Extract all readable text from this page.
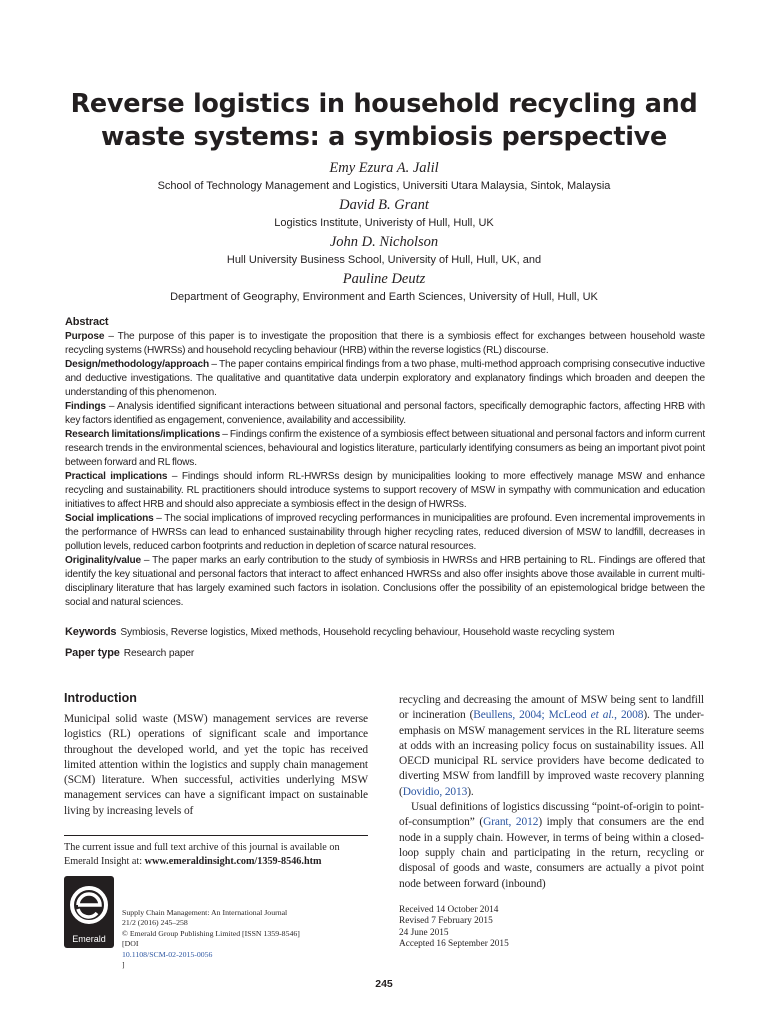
Reverse logistics in household recycling and
waste systems: a symbiosis perspective
Emy Ezura A. Jalil
School of Technology Management and Logistics, Universiti Utara Malaysia, Sintok, Malaysia
David B. Grant
Logistics Institute, Univeristy of Hull, Hull, UK
John D. Nicholson
Hull University Business School, University of Hull, Hull, UK, and
Pauline Deutz
Department of Geography, Environment and Earth Sciences, University of Hull, Hull, UK
Abstract

Purpose – The purpose of this paper is to investigate the proposition that there is a symbiosis effect for exchanges between household waste recycling systems (HWRSs) and household recycling behaviour (HRB) within the reverse logistics (RL) discourse.

Design/methodology/approach – The paper contains empirical findings from a two phase, multi-method approach comprising consecutive inductive and deductive investigations. The qualitative and quantitative data underpin exploratory and explanatory findings which broaden and deepen the understanding of this phenomenon.

Findings – Analysis identified significant interactions between situational and personal factors, specifically demographic factors, affecting HRB with key factors identified as engagement, convenience, availability and accessibility.

Research limitations/implications – Findings confirm the existence of a symbiosis effect between situational and personal factors and inform current research trends in the environmental sciences, behavioural and logistics literature, particularly identifying consumers as being an important pivot point between forward and RL flows.

Practical implications – Findings should inform RL-HWRSs design by municipalities looking to more effectively manage MSW and enhance recycling and sustainability. RL practitioners should introduce systems to support recovery of MSW in sympathy with communication and education initiatives to affect HRB and should also appreciate a symbiosis effect in the design of HWRSs.

Social implications – The social implications of improved recycling performances in municipalities are profound. Even incremental improvements in the performance of HWRSs can lead to enhanced sustainability through higher recycling rates, reduced diversion of MSW to landfill, decreases in pollution levels, reduced carbon footprints and reduction in depletion of scarce natural resources.

Originality/value – The paper marks an early contribution to the study of symbiosis in HWRSs and HRB pertaining to RL. Findings are offered that identify the key situational and personal factors that interact to affect enhanced HWRSs and also offer insights above those available in current multi-disciplinary literature that has largely examined such factors in isolation. Conclusions offer the possibility of an epistemological bridge between the social and natural sciences.

Keywords Symbiosis, Reverse logistics, Mixed methods, Household recycling behaviour, Household waste recycling system
Paper type Research paper
Introduction

Municipal solid waste (MSW) management services are reverse logistics (RL) operations of significant scale and importance throughout the developed world, and yet the topic has received limited attention within the logistics and supply chain management (SCM) literature. When successful, activities underlying MSW management services can have a significant impact on sustainable living by increasing levels of

The current issue and full text archive of this journal is available on Emerald Insight at: www.emeraldinsight.com/1359-8546.htm
Emerald
Supply Chain Management: An International Journal
21/2 (2016) 245–258
© Emerald Group Publishing Limited [ISSN 1359-8546]
[DOI
10.1108/SCM-02-2015-0056
]

recycling and decreasing the amount of MSW being sent to landfill or incineration (Beullens, 2004; McLeod et al., 2008). The under-emphasis on MSW management services in the RL literature seems at odds with an increasing policy focus on sustainability issues. All OECD municipal RL service providers have become dedicated to diverting MSW from landfill by improved waste recovery planning (Dovidio, 2013).

Usual definitions of logistics discussing “point-of-origin to point-of-consumption” (Grant, 2012) imply that consumers are the end node in a supply chain. However, in terms of being within a closed-loop supply chain and participating in the return, recycling or disposal of goods and waste, consumers are actually a pivot point node between forward (inbound)

Received 14 October 2014
Revised 7 February 2015
24 June 2015
Accepted 16 September 2015
245
